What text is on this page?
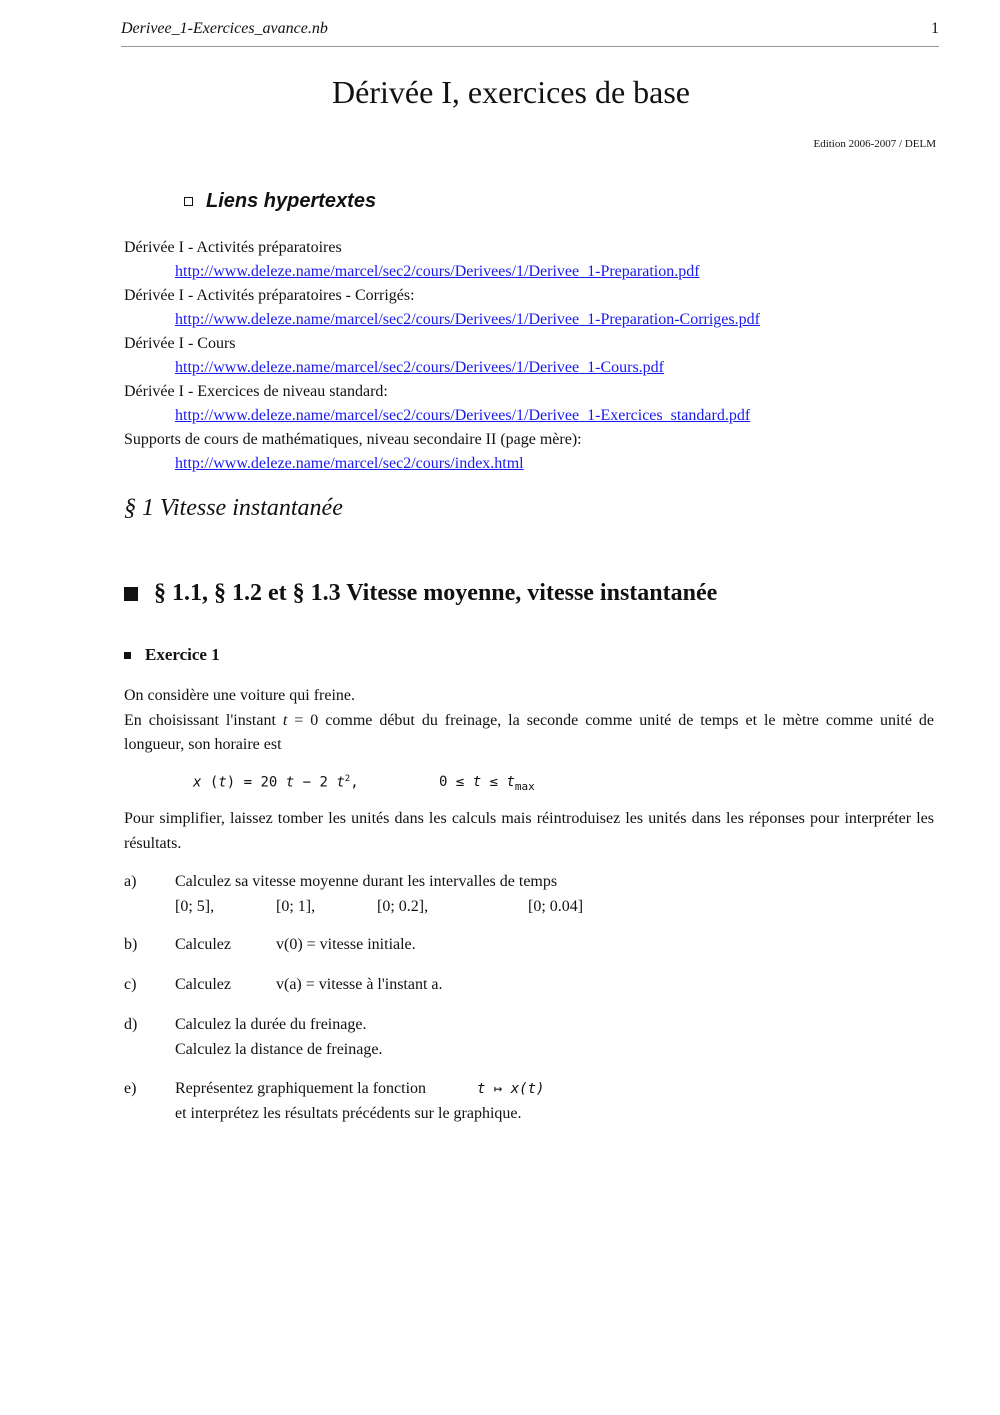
Derivee_1-Exercices_avance.nb	1
Dérivée I, exercices de base
Edition 2006-2007 / DELM
Liens hypertextes
Dérivée I - Activités préparatoires
http://www.deleze.name/marcel/sec2/cours/Derivees/1/Derivee_1-Preparation.pdf
Dérivée I - Activités préparatoires - Corrigés:
http://www.deleze.name/marcel/sec2/cours/Derivees/1/Derivee_1-Preparation-Corriges.pdf
Dérivée I - Cours
http://www.deleze.name/marcel/sec2/cours/Derivees/1/Derivee_1-Cours.pdf
Dérivée I - Exercices de niveau standard:
http://www.deleze.name/marcel/sec2/cours/Derivees/1/Derivee_1-Exercices_standard.pdf
Supports de cours de mathématiques, niveau secondaire II (page mère):
http://www.deleze.name/marcel/sec2/cours/index.html
§ 1 Vitesse instantanée
§ 1.1, § 1.2 et § 1.3 Vitesse moyenne, vitesse instantanée
Exercice 1
On considère une voiture qui freine.
En choisissant l'instant t = 0 comme début du freinage, la seconde comme unité de temps et le mètre comme unité de longueur, son horaire est
x (t) = 20 t − 2 $t^2$,	$0 \le t \le t_{max}$
Pour simplifier, laissez tomber les unités dans les calculs mais réintroduisez les unités dans les réponses pour interpréter les résultats.
a) Calculez sa vitesse moyenne durant les intervalles de temps
[0; 5],	[0; 1],	[0; 0.2],	[0; 0.04]
b) Calculez	v(0) = vitesse initiale.
c) Calculez	v(a) = vitesse à l'instant a.
d) Calculez la durée du freinage.
Calculez la distance de freinage.
e) Représentez graphiquement la fonction	t ↦ x(t)
et interprétez les résultats précédents sur le graphique.
